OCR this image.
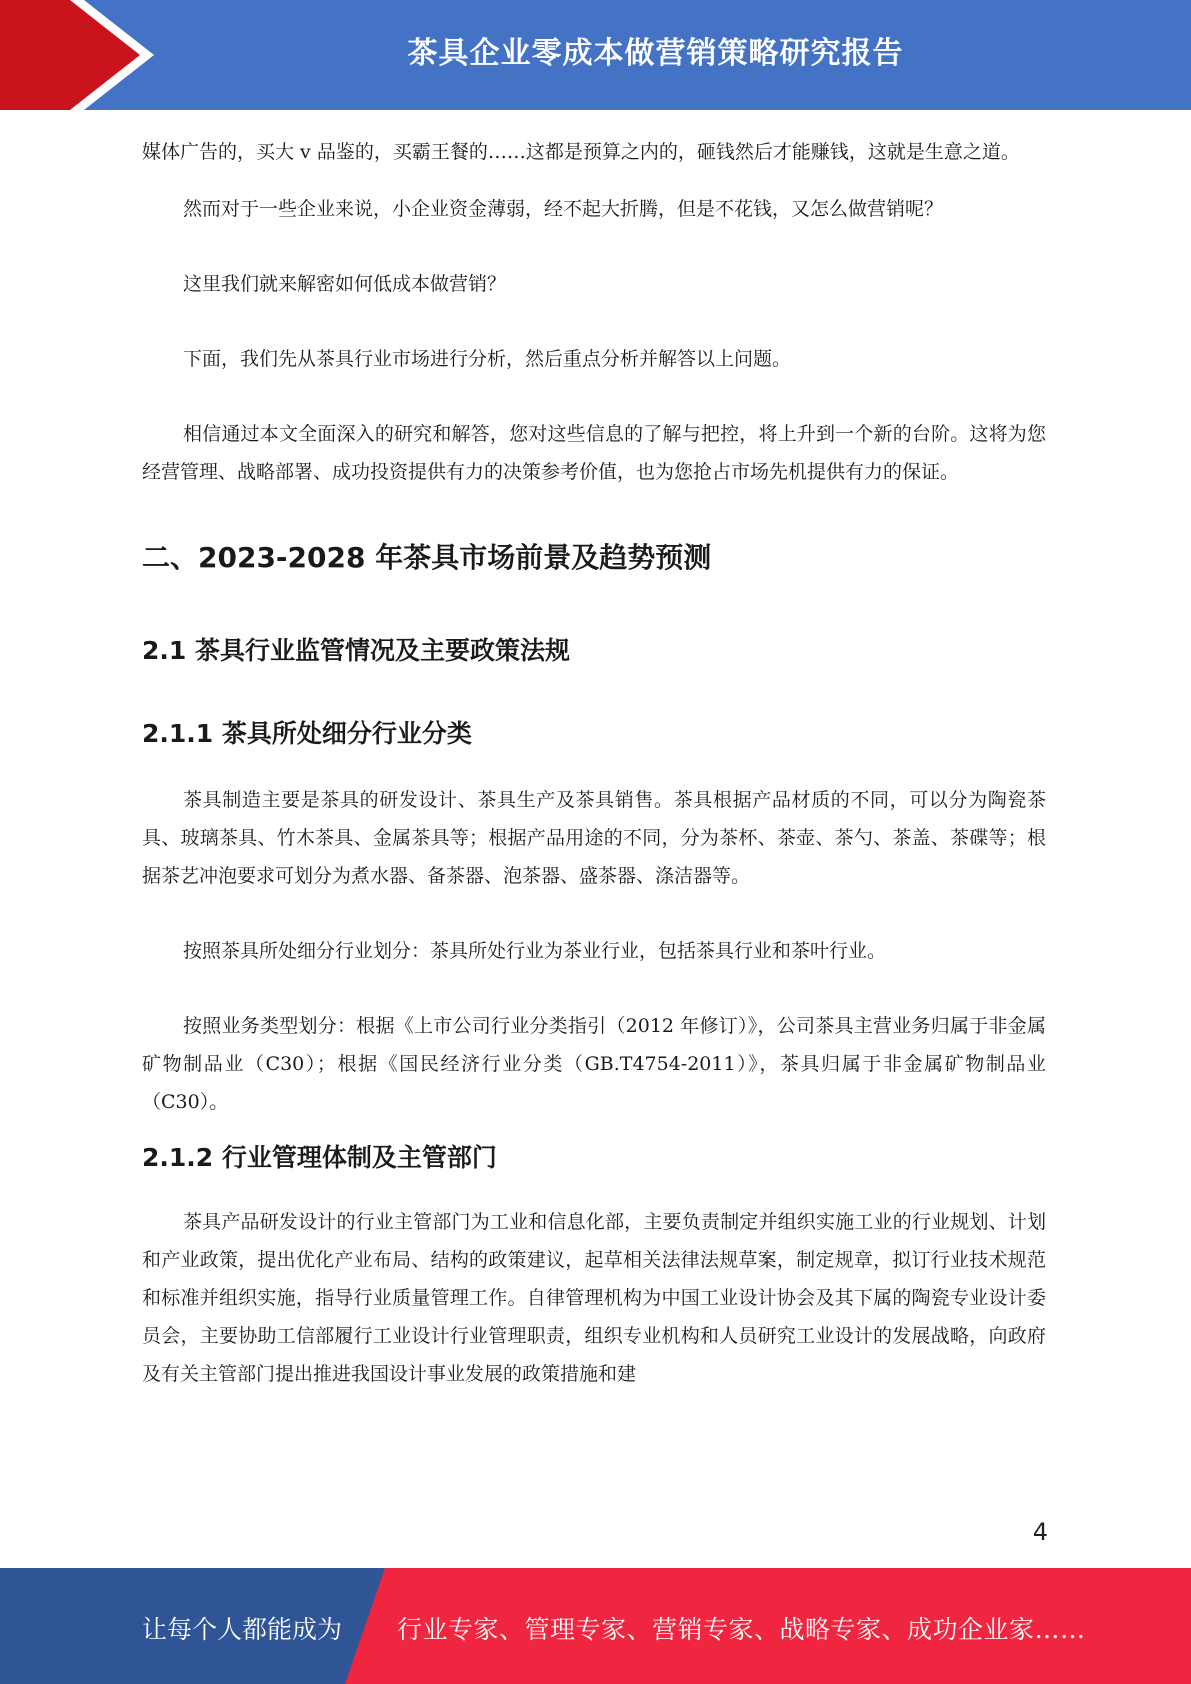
茶具企业零成本做营销策略研究报告

媒体广告的，买大 v 品鉴的，买霸王餐的……这都是预算之内的，砸钱然后才能赚钱，这就是生意之道。

然而对于一些企业来说，小企业资金薄弱，经不起大折腾，但是不花钱，又怎么做营销呢？

这里我们就来解密如何低成本做营销？

下面，我们先从茶具行业市场进行分析，然后重点分析并解答以上问题。

相信通过本文全面深入的研究和解答，您对这些信息的了解与把控，将上升到一个新的台阶。这将为您经营管理、战略部署、成功投资提供有力的决策参考价值，也为您抢占市场先机提供有力的保证。

二、2023-2028 年茶具市场前景及趋势预测
2.1 茶具行业监管情况及主要政策法规
2.1.1 茶具所处细分行业分类

茶具制造主要是茶具的研发设计、茶具生产及茶具销售。茶具根据产品材质的不同，可以分为陶瓷茶具、玻璃茶具、竹木茶具、金属茶具等；根据产品用途的不同，分为茶杯、茶壶、茶勺、茶盖、茶碟等；根据茶艺冲泡要求可划分为煮水器、备茶器、泡茶器、盛茶器、涤洁器等。

按照茶具所处细分行业划分：茶具所处行业为茶业行业，包括茶具行业和茶叶行业。

按照业务类型划分：根据《上市公司行业分类指引（2012 年修订）》，公司茶具主营业务归属于非金属矿物制品业（C30）；根据《国民经济行业分类（GB.T4754-2011）》，茶具归属于非金属矿物制品业（C30）。

2.1.2 行业管理体制及主管部门

茶具产品研发设计的行业主管部门为工业和信息化部，主要负责制定并组织实施工业的行业规划、计划和产业政策，提出优化产业布局、结构的政策建议，起草相关法律法规草案，制定规章，拟订行业技术规范和标准并组织实施，指导行业质量管理工作。自律管理机构为中国工业设计协会及其下属的陶瓷专业设计委员会，主要协助工信部履行工业设计行业管理职责，组织专业机构和人员研究工业设计的发展战略，向政府及有关主管部门提出推进我国设计事业发展的政策措施和建

4
让每个人都能成为 行业专家、管理专家、营销专家、战略专家、成功企业家……
